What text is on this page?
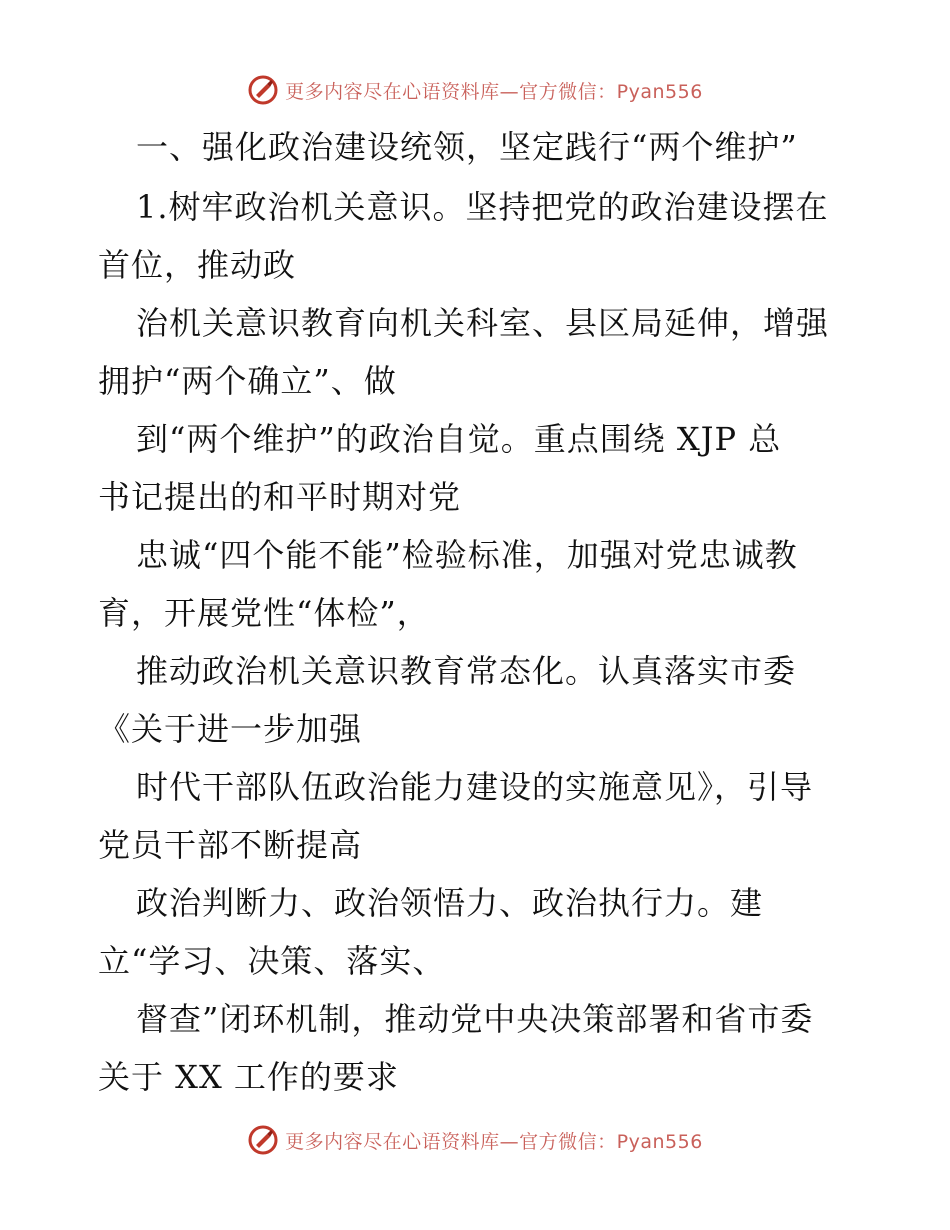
更多内容尽在心语资料库—官方微信：Pyan556
一、强化政治建设统领，坚定践行“两个维护”
1.树牢政治机关意识。坚持把党的政治建设摆在
首位，推动政
治机关意识教育向机关科室、县区局延伸，增强
拥护“两个确立”、做
到“两个维护”的政治自觉。重点围绕 XJP 总
书记提出的和平时期对党
忠诚“四个能不能”检验标准，加强对党忠诚教
育，开展党性“体检”，
推动政治机关意识教育常态化。认真落实市委
《关于进一步加强
时代干部队伍政治能力建设的实施意见》，引导
党员干部不断提高
政治判断力、政治领悟力、政治执行力。建
立“学习、决策、落实、
督查”闭环机制，推动党中央决策部署和省市委
关于 XX 工作的要求
更多内容尽在心语资料库—官方微信：Pyan556
